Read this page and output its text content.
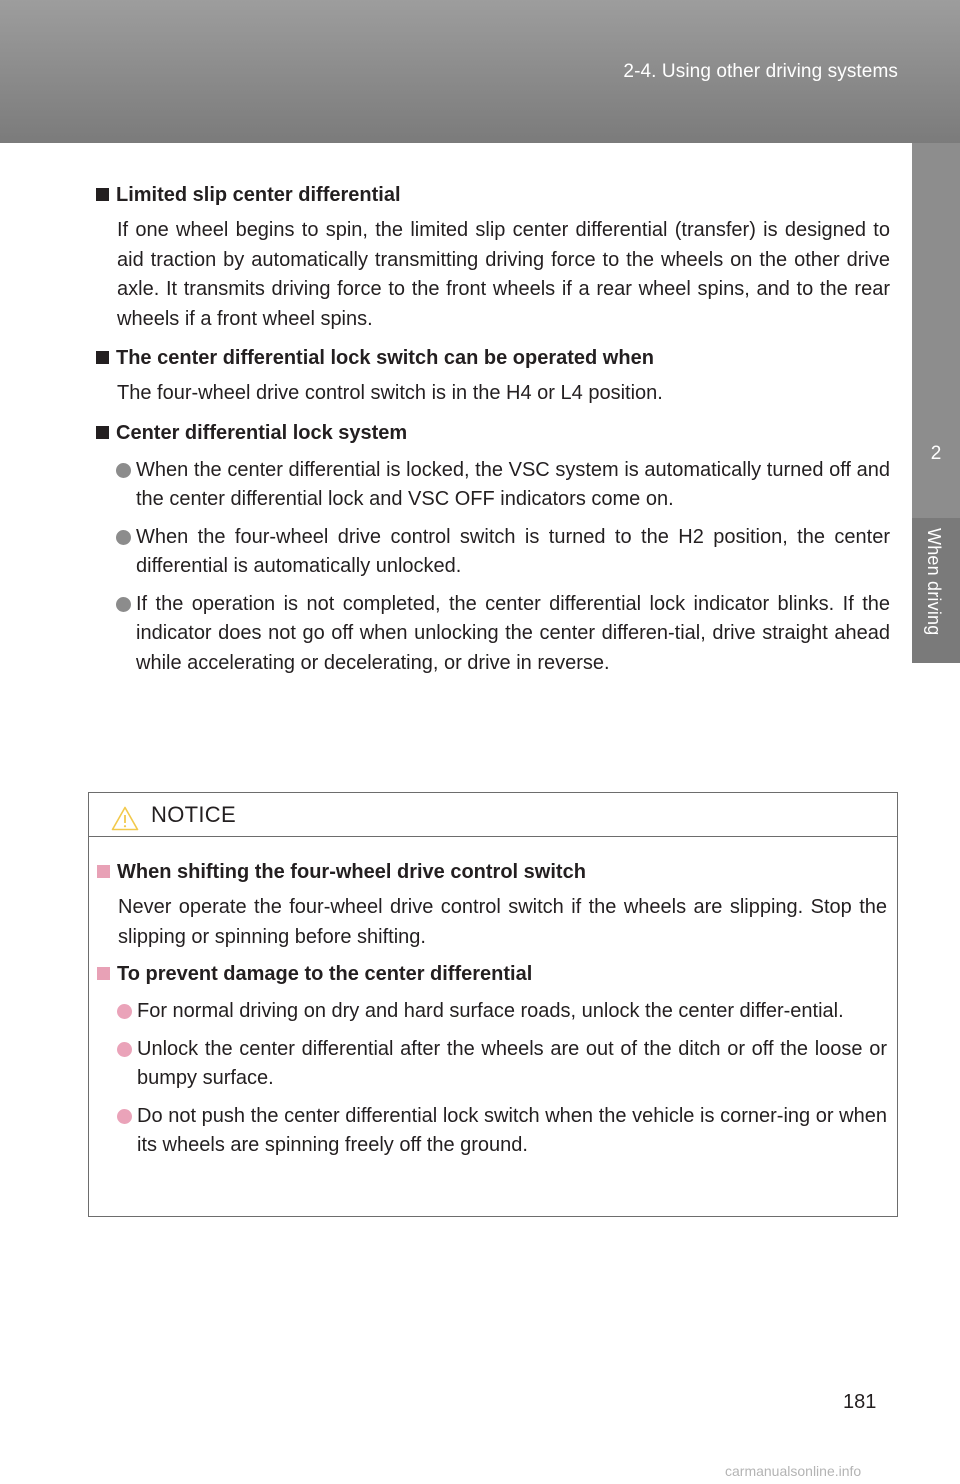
2-4. Using other driving systems
2
When driving
Limited slip center differential
If one wheel begins to spin, the limited slip center differential (transfer) is designed to aid traction by automatically transmitting driving force to the wheels on the other drive axle. It transmits driving force to the front wheels if a rear wheel spins, and to the rear wheels if a front wheel spins.
The center differential lock switch can be operated when
The four-wheel drive control switch is in the H4 or L4 position.
Center differential lock system
When the center differential is locked, the VSC system is automatically turned off and the center differential lock and VSC OFF indicators come on.
When the four-wheel drive control switch is turned to the H2 position, the center differential is automatically unlocked.
If the operation is not completed, the center differential lock indicator blinks. If the indicator does not go off when unlocking the center differen-tial, drive straight ahead while accelerating or decelerating, or drive in reverse.
NOTICE
When shifting the four-wheel drive control switch
Never operate the four-wheel drive control switch if the wheels are slipping. Stop the slipping or spinning before shifting.
To prevent damage to the center differential
For normal driving on dry and hard surface roads, unlock the center differ-ential.
Unlock the center differential after the wheels are out of the ditch or off the loose or bumpy surface.
Do not push the center differential lock switch when the vehicle is corner-ing or when its wheels are spinning freely off the ground.
181
carmanualsonline.info
